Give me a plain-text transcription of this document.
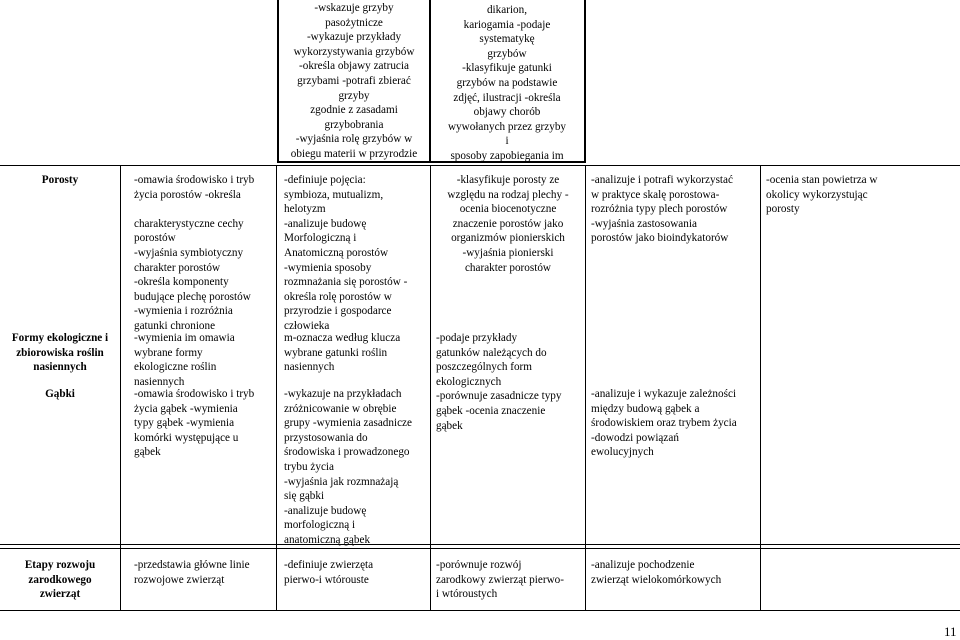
-wskazuje grzyby
pasożytnicze
-wykazuje przykłady
wykorzystywania grzybów
-określa objawy zatrucia
grzybami -potrafi zbierać
grzyby
zgodnie z zasadami
grzybobrania
-wyjaśnia rolę grzybów w
obiegu materii w przyrodzie
dikarion,
kariogamia -podaje
systematykę
grzybów
-klasyfikuje gatunki
grzybów na podstawie
zdjęć, ilustracji -określa
objawy chorób
wywołanych przez grzyby
i
sposoby zapobiegania im
Porosty	-omawia środowisko i tryb
życia porostów -określa

charakterystyczne cechy
porostów
-wyjaśnia symbiotyczny
charakter porostów
-określa komponenty
budujące plechę porostów
-wymienia i rozróżnia
gatunki chronione
-definiuje pojęcia:
symbioza, mutualizm,
helotyzm
-analizuje budowę
Morfologiczną i
Anatomiczną porostów
-wymienia sposoby
rozmnażania się porostów -
określa rolę porostów w
przyrodzie i gospodarce
człowieka
-klasyfikuje porosty ze
względu na rodzaj plechy -
ocenia biocenotyczne
znaczenie porostów jako
organizmów pionierskich
-wyjaśnia pionierski
charakter porostów
-analizuje i potrafi wykorzystać
w praktyce skalę porostowa-
rozróżnia typy plech porostów
-wyjaśnia zastosowania
porostów jako bioindykatorów
-ocenia stan powietrza w
okolicy wykorzystując
porosty
Formy ekologiczne i
zbiorowiska roślin
nasiennych
-wymienia im omawia
wybrane formy
ekologiczne roślin
nasiennych
m-oznacza według klucza
wybrane gatunki roślin
nasiennych
-podaje przykłady
gatunków należących do
poszczególnych form
ekologicznych
-porównuje zasadnicze typy
gąbek -ocenia znaczenie
gąbek
Gąbki	-omawia środowisko i tryb
życia gąbek -wymienia
typy gąbek -wymienia
komórki występujące u
gąbek
-wykazuje na przykładach
zróżnicowanie w obrębie
grupy -wymienia zasadnicze
przystosowania do
środowiska i prowadzonego
trybu życia
-wyjaśnia jak rozmnażają
się gąbki
-analizuje budowę
morfologiczną i
anatomiczną gąbek
-analizuje i wykazuje zależności
między budową gąbek a
środowiskiem oraz trybem życia
-dowodzi powiązań
ewolucyjnych
Etapy rozwoju
zarodkowego
zwierząt
-przedstawia główne linie
rozwojowe zwierząt
-definiuje zwierzęta
pierwo-i wtórouste
-porównuje rozwój
zarodkowy zwierząt pierwo-
i wtóroustych
-analizuje pochodzenie
zwierząt wielokomórkowych
11
